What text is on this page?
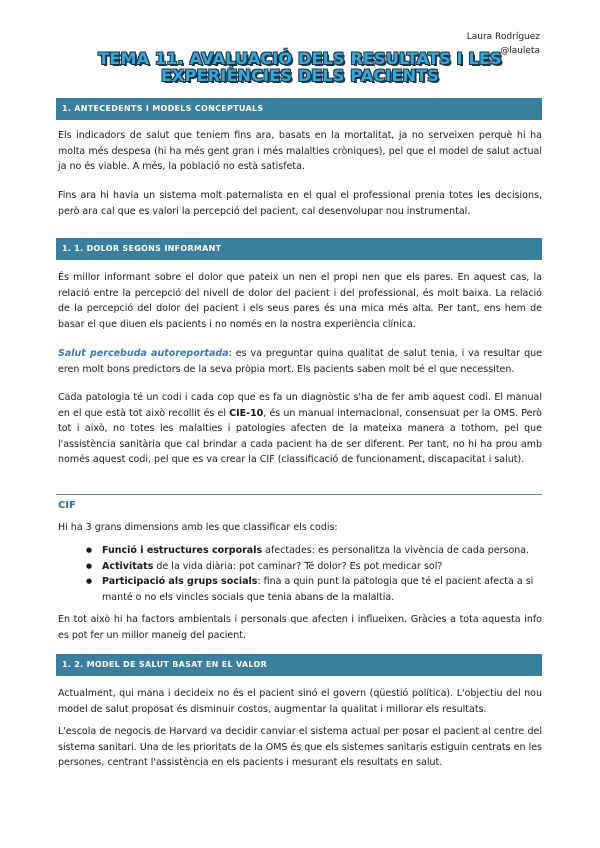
Laura Rodríguez
@lauleta
TEMA 11. AVALUACIÓ DELS RESULTATS I LES
EXPERIÈNCIES DELS PACIENTS
1. ANTECEDENTS I MODELS CONCEPTUALS
Els indicadors de salut que teniem fins ara, basats en la mortalitat, ja no serveixen perquè hi ha molta més despesa (hi ha més gent gran i més malalties cròniques), pel que el model de salut actual ja no és viable. A més, la població no està satisfeta.
Fins ara hi havia un sistema molt paternalista en el qual el professional prenia totes les decisions, però ara cal que es valori la percepció del pacient, cal desenvolupar nou instrumental.
1. 1. DOLOR SEGONS INFORMANT
És millor informant sobre el dolor que pateix un nen el propi nen que els pares. En aquest cas, la relació entre la percepció del nivell de dolor del pacient i del professional, és molt baixa. La relació de la percepció del dolor del pacient i els seus pares és una mica més alta. Per tant, ens hem de basar el que diuen els pacients i no només en la nostra experiència clínica.
Salut percebuda autoreportada: es va preguntar quina qualitat de salut tenia, i va resultar que eren molt bons predictors de la seva pròpia mort. Els pacients saben molt bé el que necessiten.
Cada patologia té un codi i cada cop que es fa un diagnòstic s'ha de fer amb aquest codi. El manual en el que està tot això recollit és el CIE-10, és un manual internacional, consensuat per la OMS. Però tot i això, no totes les malalties i patologies afecten de la mateixa manera a tothom, pel que l'assistència sanitària que cal brindar a cada pacient ha de ser diferent. Per tant, no hi ha prou amb només aquest codi, pel que es va crear la CIF (classificació de funcionament, discapacitat i salut).
CIF
Hi ha 3 grans dimensions amb les que classificar els codis:
● Funció i estructures corporals afectades: es personalitza la vivència de cada persona.
● Activitats de la vida diària: pot caminar? Té dolor? Es pot medicar sol?
● Participació als grups socials: fina a quin punt la patologia que té el pacient afecta a si manté o no els vincles socials que tenia abans de la malaltia.
En tot això hi ha factors ambientals i personals que afecten i influeixen. Gràcies a tota aquesta info es pot fer un millor maneig del pacient.
1. 2. MODEL DE SALUT BASAT EN EL VALOR
Actualment, qui mana i decideix no és el pacient sinó el govern (qüestió política). L'objectiu del nou model de salut proposat és disminuir costos, augmentar la qualitat i millorar els resultats.
L'escola de negocis de Harvard va decidir canviar el sistema actual per posar el pacient al centre del sistema sanitari. Una de les prioritats de la OMS és que els sistemes sanitaris estiguin centrats en les persones, centrant l'assistència en els pacients i mesurant els resultats en salut.
